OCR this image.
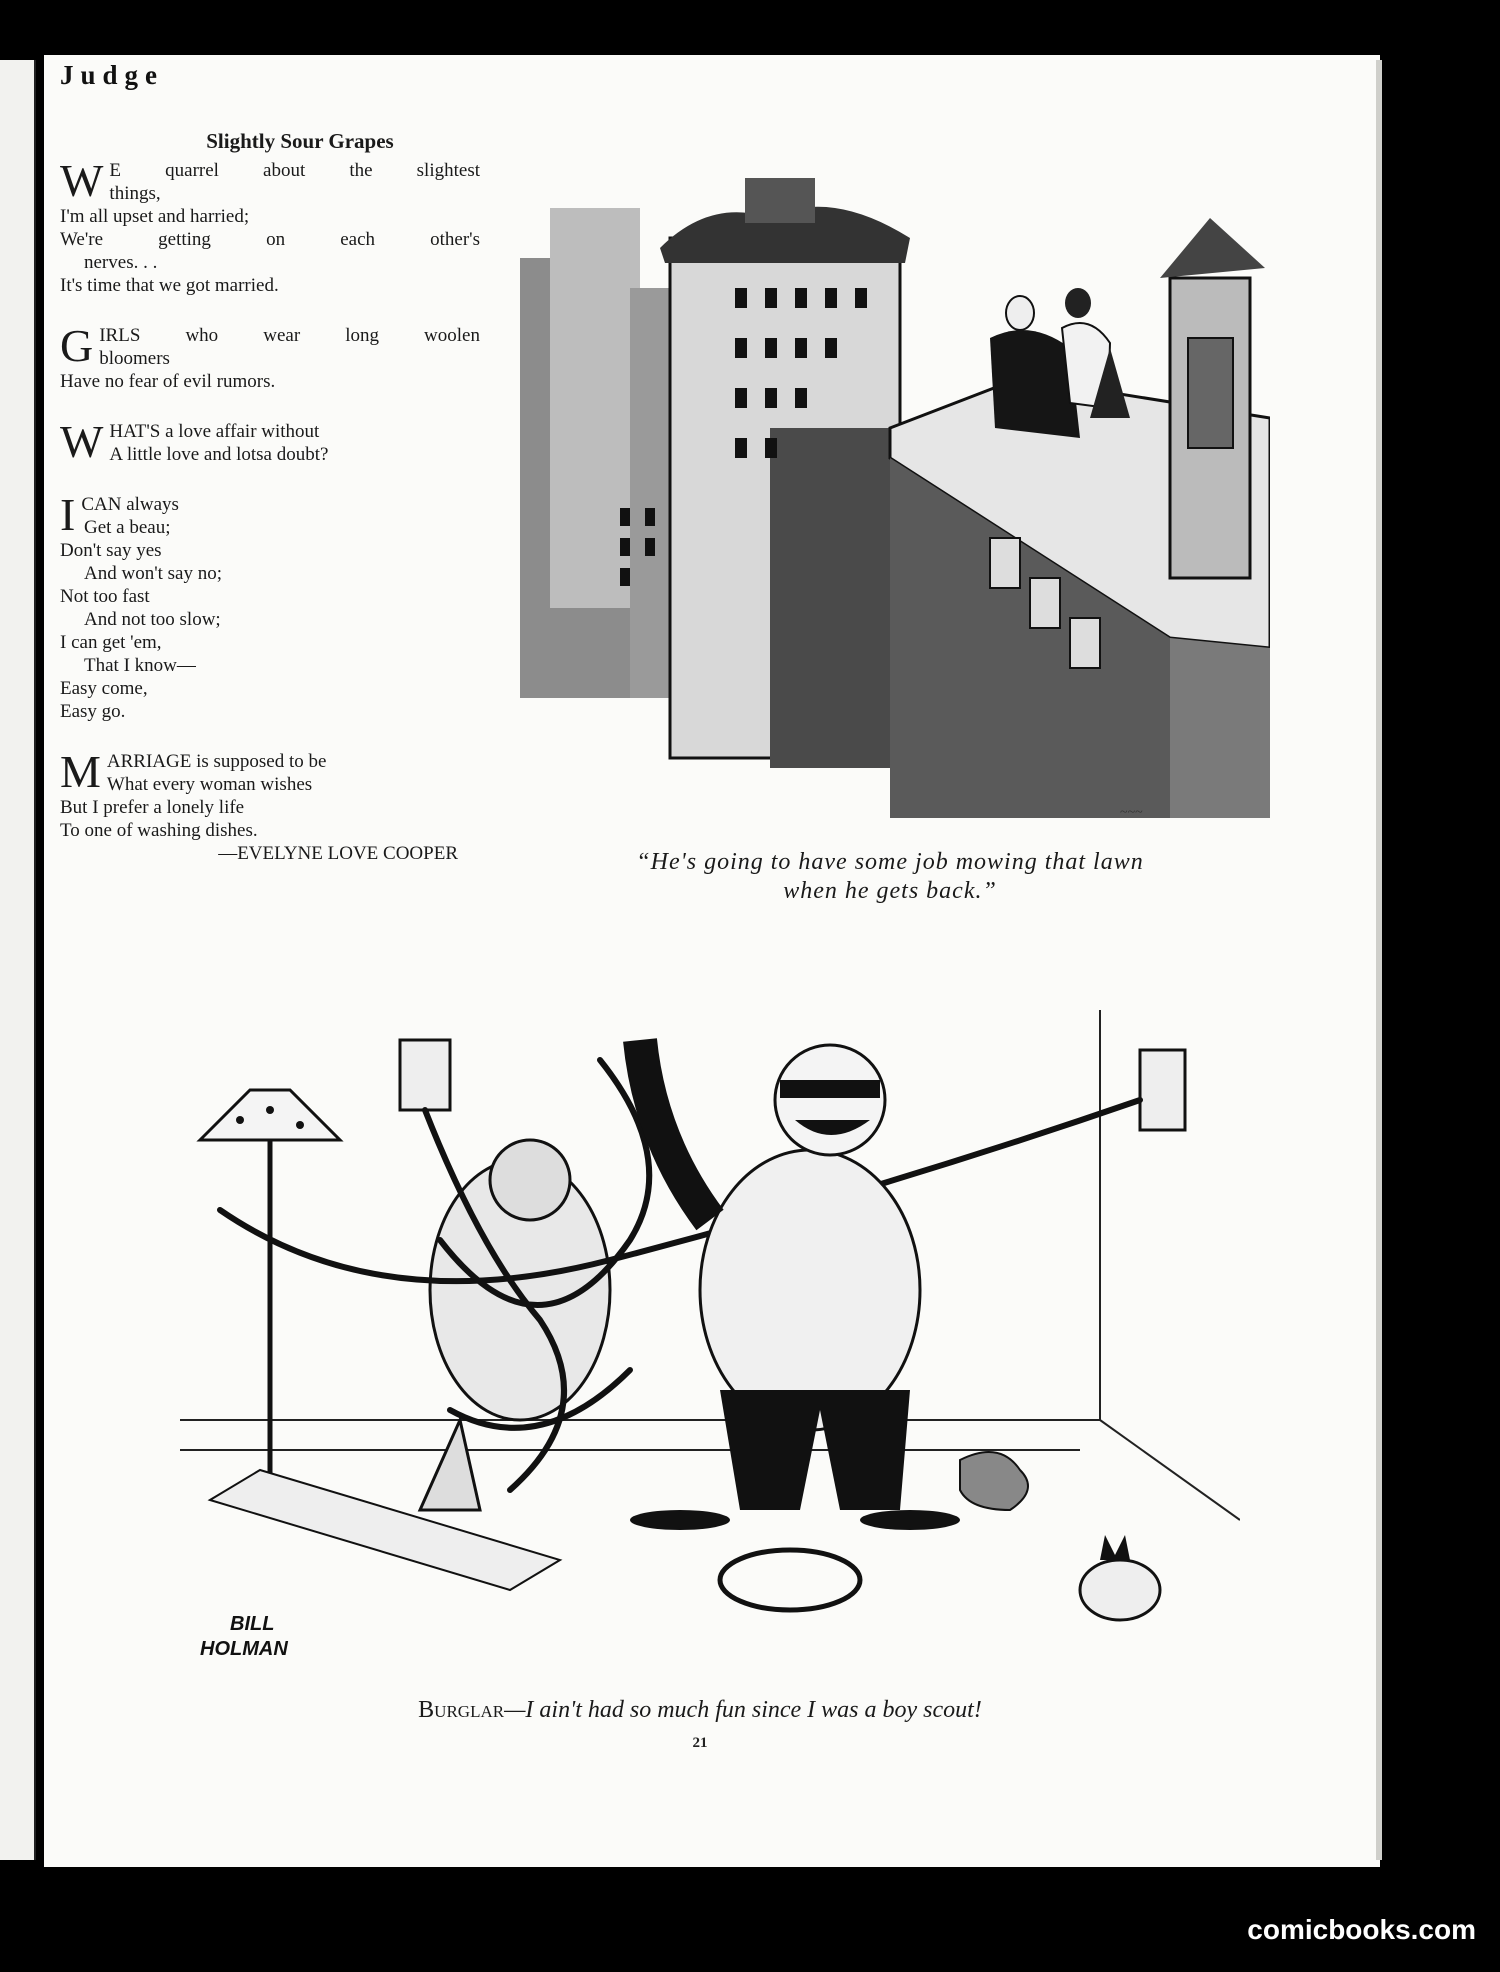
Judge
Slightly Sour Grapes
W E quarrel about the slightest
things,
I'm all upset and harried;
We're getting on each other's
nerves. . .
It's time that we got married.
G IRLS who wear long woolen
bloomers
Have no fear of evil rumors.
W HAT'S a love affair without
A little love and lotsa doubt?
I CAN always
Get a beau;
Don't say yes
And won't say no;
Not too fast
And not too slow;
I can get 'em,
That I know—
Easy come,
Easy go.
M ARRIAGE is supposed to be
What every woman wishes
But I prefer a lonely life
To one of washing dishes.
—EVELYNE LOVE COOPER
~~~
“He's going to have some job mowing that lawn
when he gets back.”
BILL
HOLMAN
Burglar—I ain't had so much fun since I was a boy scout!
21
comicbooks.com
